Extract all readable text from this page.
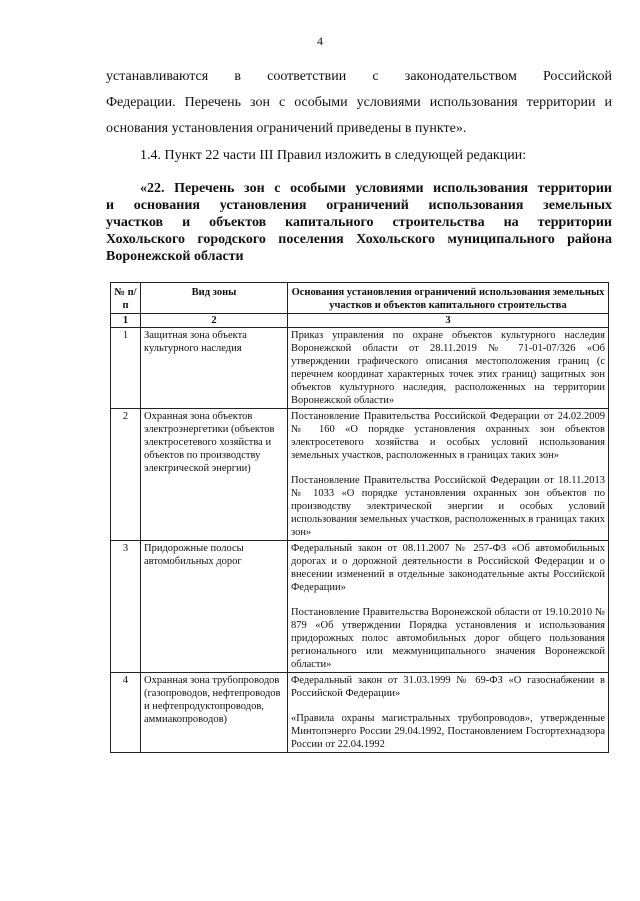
4
устанавливаются в соответствии с законодательством Российской
Федерации. Перечень зон с особыми условиями использования территории и
основания установления ограничений приведены в пункте».
1.4. Пункт 22 части III Правил изложить в следующей редакции:
«22. Перечень зон с особыми условиями использования территории
и основания установления ограничений использования земельных
участков и объектов капитального строительства на территории
Хохольского городского поселения Хохольского муниципального района
Воронежской области
№ п/п	Вид зоны	Основания установления ограничений использования земельных участков и объектов капитального строительства
1	2	3
1	Защитная зона объекта культурного наследия	Приказ управления по охране объектов культурного наследия Воронежской области от 28.11.2019 № 71-01-07/326 «Об утверждении графического описания местоположения границ (с перечнем координат характерных точек этих границ) защитных зон объектов культурного наследия, расположенных на территории Воронежской области»

2	Охранная зона объектов электроэнергетики (объектов электросетевого хозяйства и объектов по производству электрической энергии)	Постановление Правительства Российской Федерации от 24.02.2009 № 160 «О порядке установления охранных зон объектов электросетевого хозяйства и особых условий использования земельных участков, расположенных в границах таких зон»

Постановление Правительства Российской Федерации от 18.11.2013 № 1033 «О порядке установления охранных зон объектов по производству электрической энергии и особых условий использования земельных участков, расположенных в границах таких зон»

3	Придорожные полосы автомобильных дорог	Федеральный закон от 08.11.2007 № 257-ФЗ «Об автомобильных дорогах и о дорожной деятельности в Российской Федерации и о внесении изменений в отдельные законодательные акты Российской Федерации»

Постановление Правительства Воронежской области от 19.10.2010 № 879 «Об утверждении Порядка установления и использования придорожных полос автомобильных дорог общего пользования регионального или межмуниципального значения Воронежской области»

4	Охранная зона трубопроводов (газопроводов, нефтепроводов и нефтепродуктопроводов, аммиакопроводов)	Федеральный закон от 31.03.1999 № 69-ФЗ «О газоснабжении в Российской Федерации»

«Правила охраны магистральных трубопроводов», утвержденные Минтопэнерго России 29.04.1992, Постановлением Госгортехнадзора России от 22.04.1992
